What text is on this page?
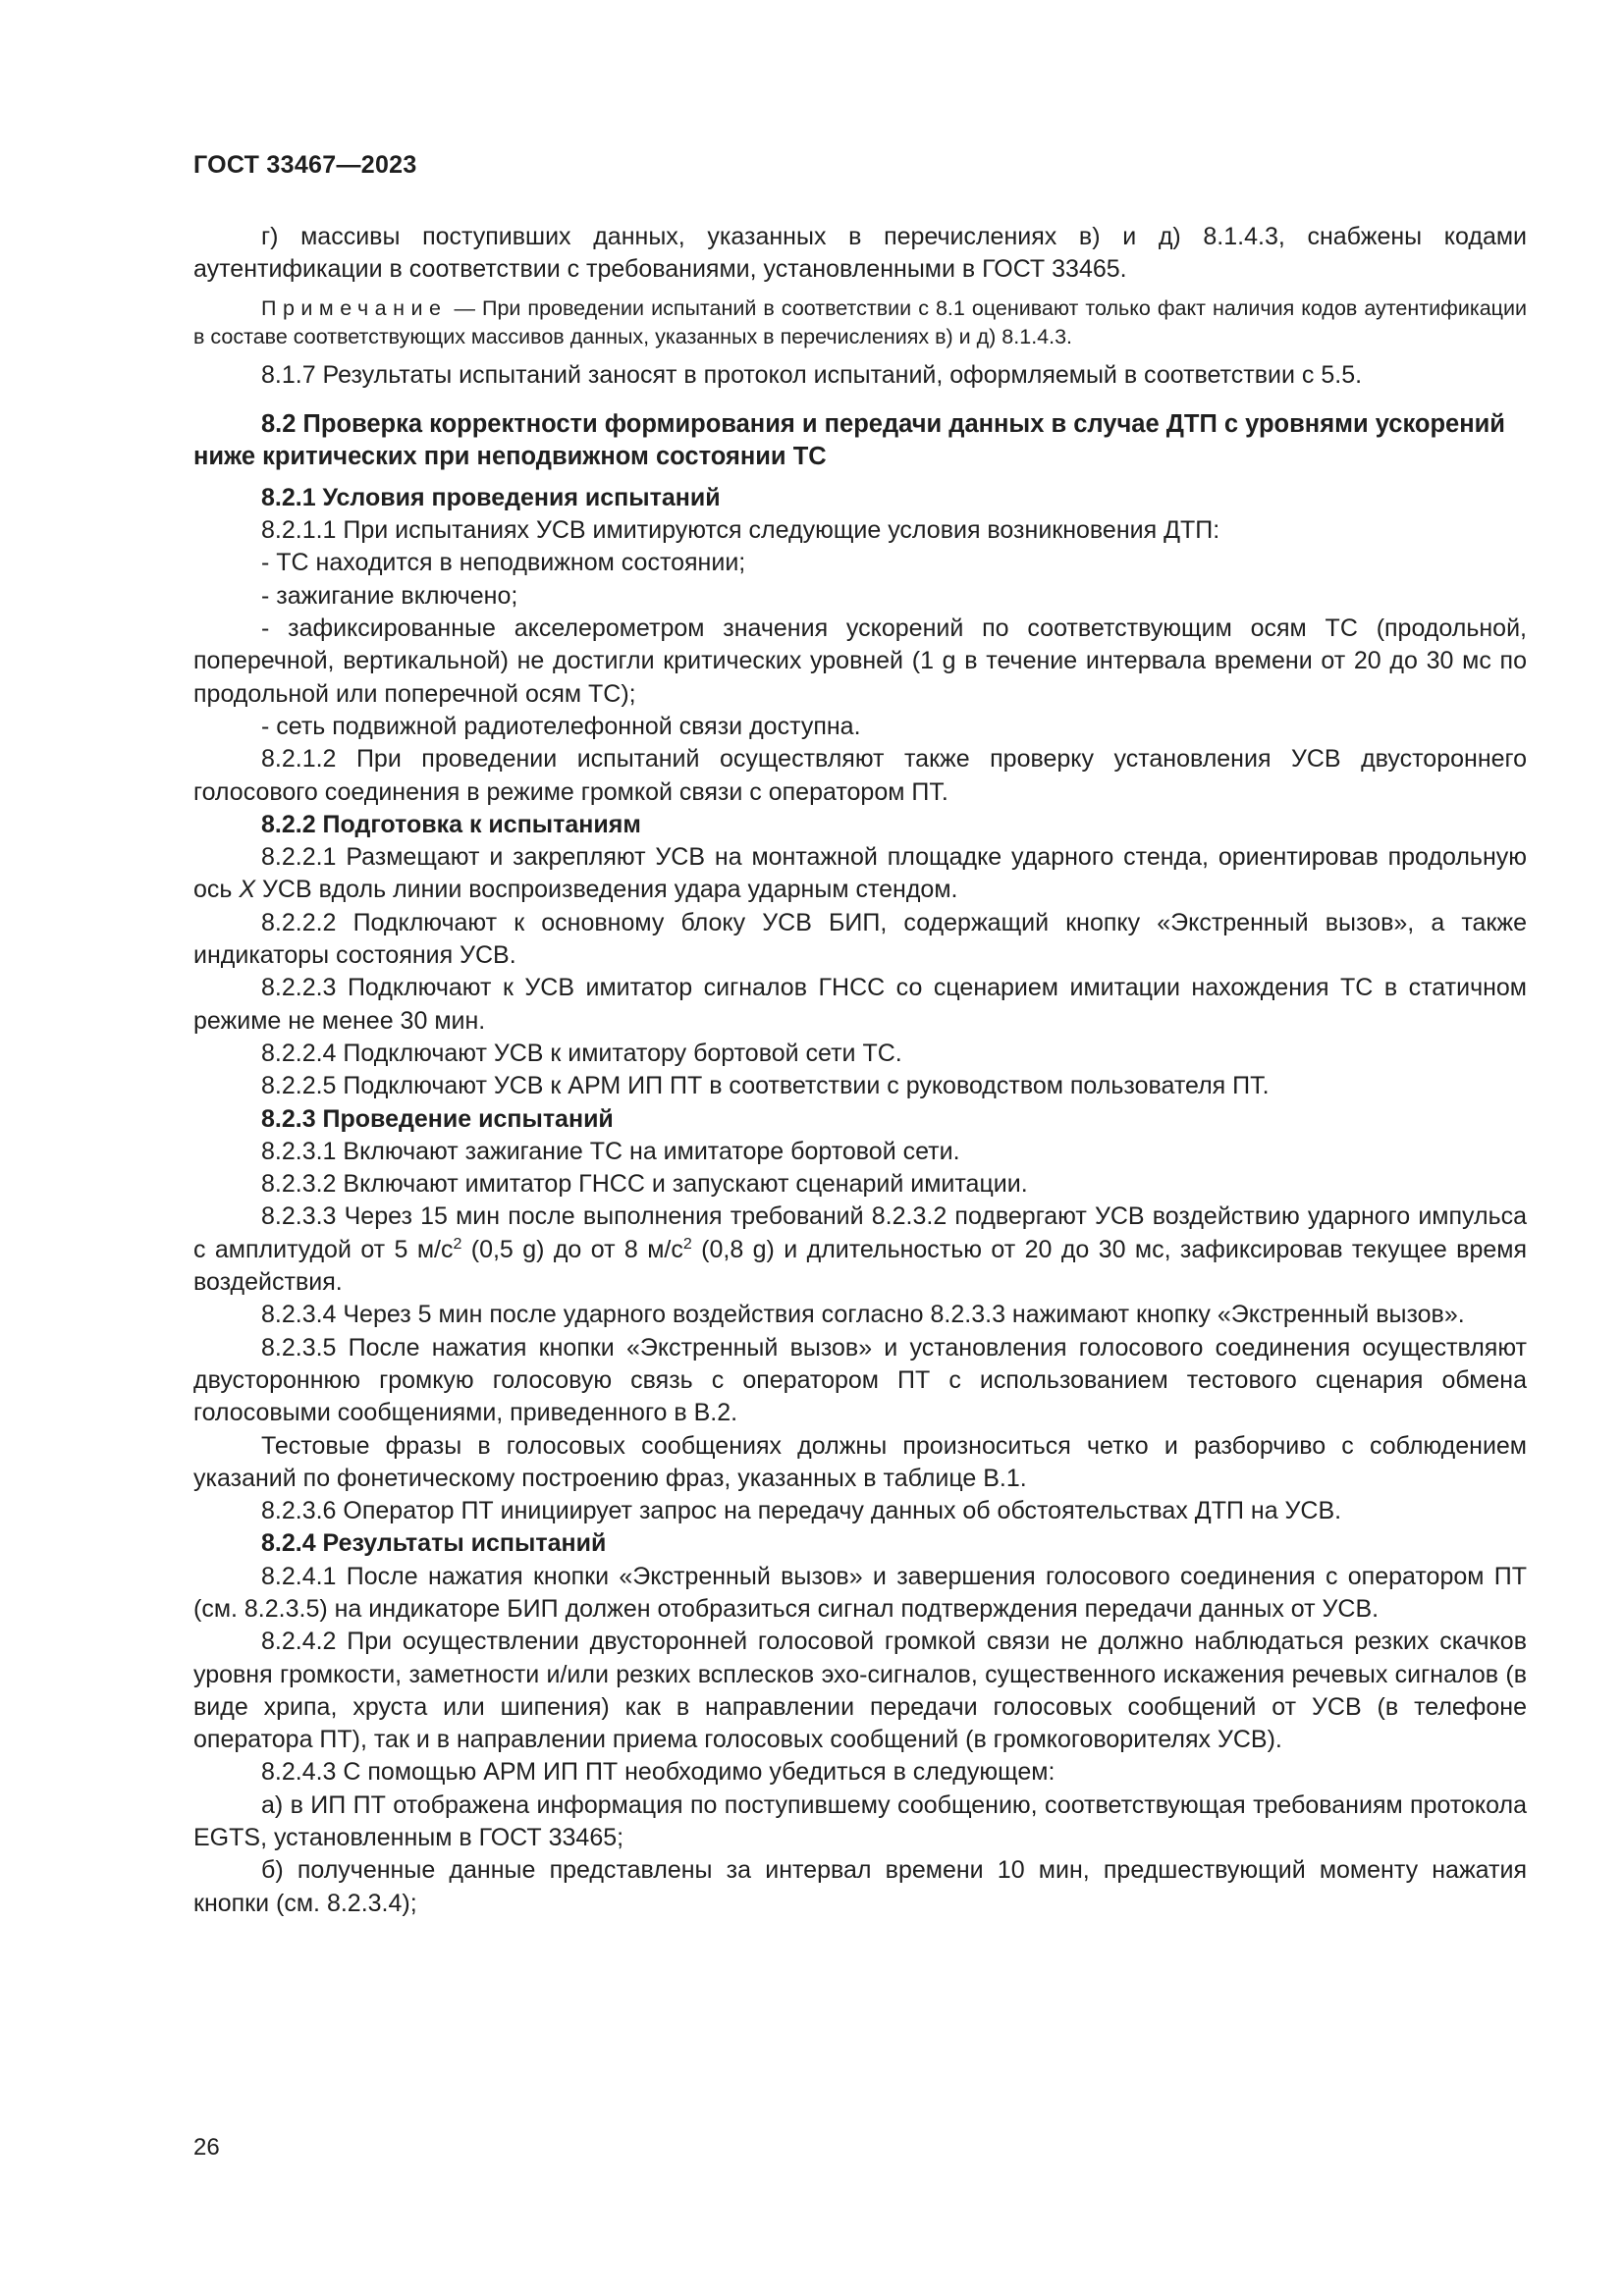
ГОСТ 33467—2023

г) массивы поступивших данных, указанных в перечислениях в) и д) 8.1.4.3, снабжены кодами аутентификации в соответствии с требованиями, установленными в ГОСТ 33465.

Примечание — При проведении испытаний в соответствии с 8.1 оценивают только факт наличия кодов аутентификации в составе соответствующих массивов данных, указанных в перечислениях в) и д) 8.1.4.3.

8.1.7 Результаты испытаний заносят в протокол испытаний, оформляемый в соответствии с 5.5.

8.2 Проверка корректности формирования и передачи данных в случае ДТП с уровнями ускорений ниже критических при неподвижном состоянии ТС

8.2.1 Условия проведения испытаний

8.2.1.1 При испытаниях УСВ имитируются следующие условия возникновения ДТП:

- ТС находится в неподвижном состоянии;

- зажигание включено;

- зафиксированные акселерометром значения ускорений по соответствующим осям ТС (продольной, поперечной, вертикальной) не достигли критических уровней (1 g в течение интервала времени от 20 до 30 мс по продольной или поперечной осям ТС);

- сеть подвижной радиотелефонной связи доступна.

8.2.1.2 При проведении испытаний осуществляют также проверку установления УСВ двустороннего голосового соединения в режиме громкой связи с оператором ПТ.

8.2.2 Подготовка к испытаниям

8.2.2.1 Размещают и закрепляют УСВ на монтажной площадке ударного стенда, ориентировав продольную ось X УСВ вдоль линии воспроизведения удара ударным стендом.

8.2.2.2 Подключают к основному блоку УСВ БИП, содержащий кнопку «Экстренный вызов», а также индикаторы состояния УСВ.

8.2.2.3 Подключают к УСВ имитатор сигналов ГНСС со сценарием имитации нахождения ТС в статичном режиме не менее 30 мин.

8.2.2.4 Подключают УСВ к имитатору бортовой сети ТС.

8.2.2.5 Подключают УСВ к АРМ ИП ПТ в соответствии с руководством пользователя ПТ.

8.2.3 Проведение испытаний

8.2.3.1 Включают зажигание ТС на имитаторе бортовой сети.

8.2.3.2 Включают имитатор ГНСС и запускают сценарий имитации.

8.2.3.3 Через 15 мин после выполнения требований 8.2.3.2 подвергают УСВ воздействию ударного импульса с амплитудой от 5 $м/с^2$ (0,5 g) до от 8 $м/с^2$ (0,8 g) и длительностью от 20 до 30 мс, зафиксировав текущее время воздействия.

8.2.3.4 Через 5 мин после ударного воздействия согласно 8.2.3.3 нажимают кнопку «Экстренный вызов».

8.2.3.5 После нажатия кнопки «Экстренный вызов» и установления голосового соединения осуществляют двустороннюю громкую голосовую связь с оператором ПТ с использованием тестового сценария обмена голосовыми сообщениями, приведенного в В.2.

Тестовые фразы в голосовых сообщениях должны произноситься четко и разборчиво с соблюдением указаний по фонетическому построению фраз, указанных в таблице В.1.

8.2.3.6 Оператор ПТ инициирует запрос на передачу данных об обстоятельствах ДТП на УСВ.

8.2.4 Результаты испытаний

8.2.4.1 После нажатия кнопки «Экстренный вызов» и завершения голосового соединения с оператором ПТ (см. 8.2.3.5) на индикаторе БИП должен отобразиться сигнал подтверждения передачи данных от УСВ.

8.2.4.2 При осуществлении двусторонней голосовой громкой связи не должно наблюдаться резких скачков уровня громкости, заметности и/или резких всплесков эхо-сигналов, существенного искажения речевых сигналов (в виде хрипа, хруста или шипения) как в направлении передачи голосовых сообщений от УСВ (в телефоне оператора ПТ), так и в направлении приема голосовых сообщений (в громкоговорителях УСВ).

8.2.4.3 С помощью АРМ ИП ПТ необходимо убедиться в следующем:

а) в ИП ПТ отображена информация по поступившему сообщению, соответствующая требованиям протокола EGTS, установленным в ГОСТ 33465;

б) полученные данные представлены за интервал времени 10 мин, предшествующий моменту нажатия кнопки (см. 8.2.3.4);

26
